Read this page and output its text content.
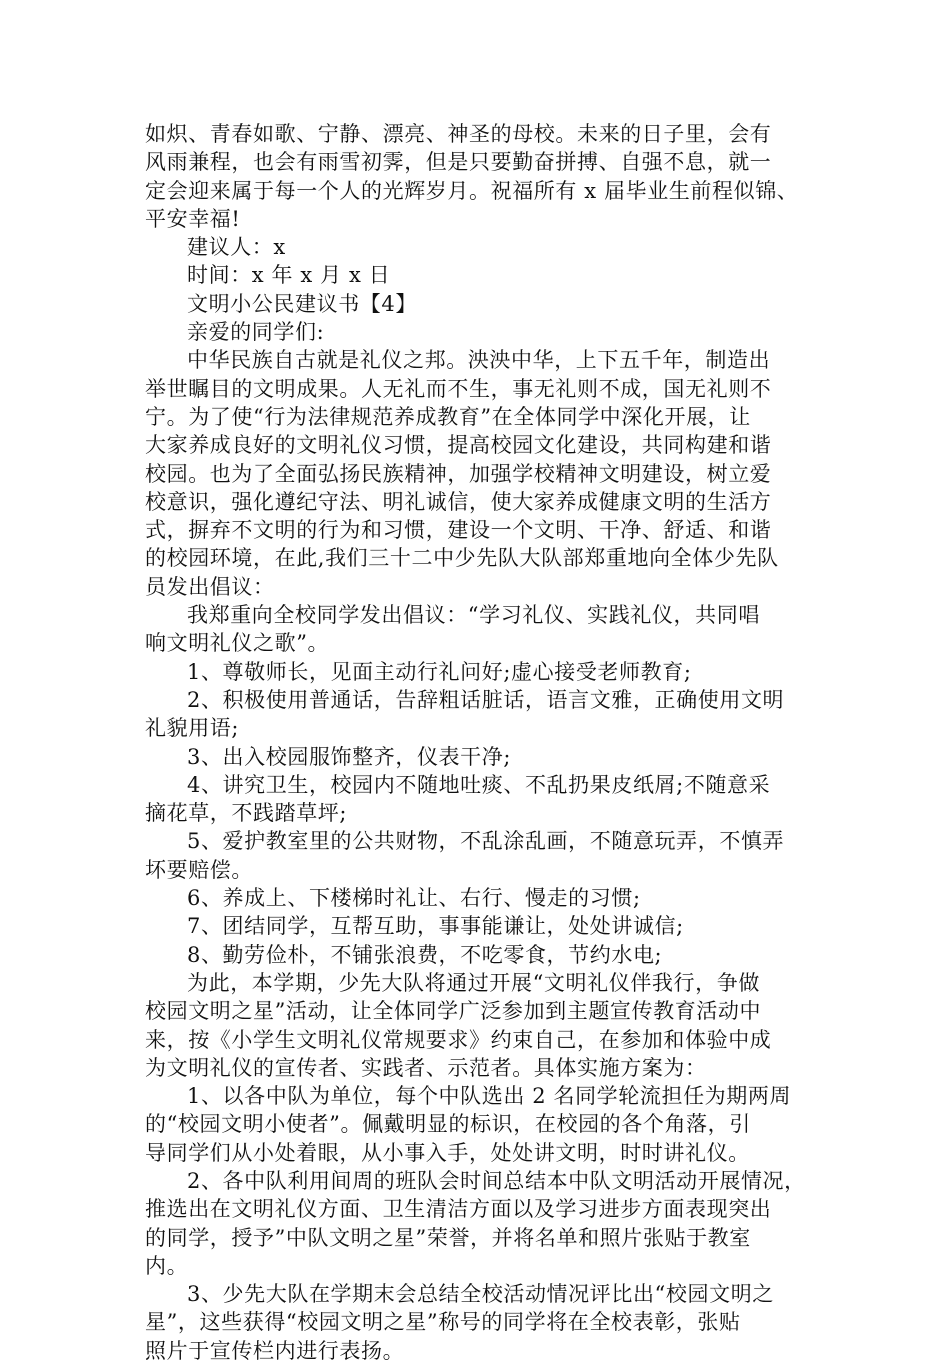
如炽、青春如歌、宁静、漂亮、神圣的母校。未来的日子里，会有
风雨兼程，也会有雨雪初霁，但是只要勤奋拼搏、自强不息，就一
定会迎来属于每一个人的光辉岁月。祝福所有 x 届毕业生前程似锦、
平安幸福!
建议人：x
时间：x 年 x 月 x 日
文明小公民建议书【4】
亲爱的同学们:
中华民族自古就是礼仪之邦。泱泱中华，上下五千年，制造出
举世瞩目的文明成果。人无礼而不生，事无礼则不成，国无礼则不
宁。为了使“行为法律规范养成教育”在全体同学中深化开展，让
大家养成良好的文明礼仪习惯，提高校园文化建设，共同构建和谐
校园。也为了全面弘扬民族精神，加强学校精神文明建设，树立爱
校意识，强化遵纪守法、明礼诚信，使大家养成健康文明的生活方
式，摒弃不文明的行为和习惯，建设一个文明、干净、舒适、和谐
的校园环境，在此,我们三十二中少先队大队部郑重地向全体少先队
员发出倡议：
我郑重向全校同学发出倡议：“学习礼仪、实践礼仪，共同唱
响文明礼仪之歌”。
1、尊敬师长，见面主动行礼问好;虚心接受老师教育;
2、积极使用普通话，告辞粗话脏话，语言文雅，正确使用文明
礼貌用语;
3、出入校园服饰整齐，仪表干净;
4、讲究卫生，校园内不随地吐痰、不乱扔果皮纸屑;不随意采
摘花草，不践踏草坪;
5、爱护教室里的公共财物，不乱涂乱画，不随意玩弄，不慎弄
坏要赔偿。
6、养成上、下楼梯时礼让、右行、慢走的习惯;
7、团结同学，互帮互助，事事能谦让，处处讲诚信;
8、勤劳俭朴，不铺张浪费，不吃零食，节约水电;
为此，本学期，少先大队将通过开展“文明礼仪伴我行，争做
校园文明之星”活动，让全体同学广泛参加到主题宣传教育活动中
来，按《小学生文明礼仪常规要求》约束自己，在参加和体验中成
为文明礼仪的宣传者、实践者、示范者。具体实施方案为：
1、以各中队为单位，每个中队选出 2 名同学轮流担任为期两周
的“校园文明小使者”。佩戴明显的标识，在校园的各个角落，引
导同学们从小处着眼，从小事入手，处处讲文明，时时讲礼仪。
2、各中队利用间周的班队会时间总结本中队文明活动开展情况，
推选出在文明礼仪方面、卫生清洁方面以及学习进步方面表现突出
的同学，授予”中队文明之星”荣誉，并将名单和照片张贴于教室
内。
3、少先大队在学期末会总结全校活动情况评比出“校园文明之
星”，这些获得“校园文明之星”称号的同学将在全校表彰，张贴
照片于宣传栏内进行表扬。
